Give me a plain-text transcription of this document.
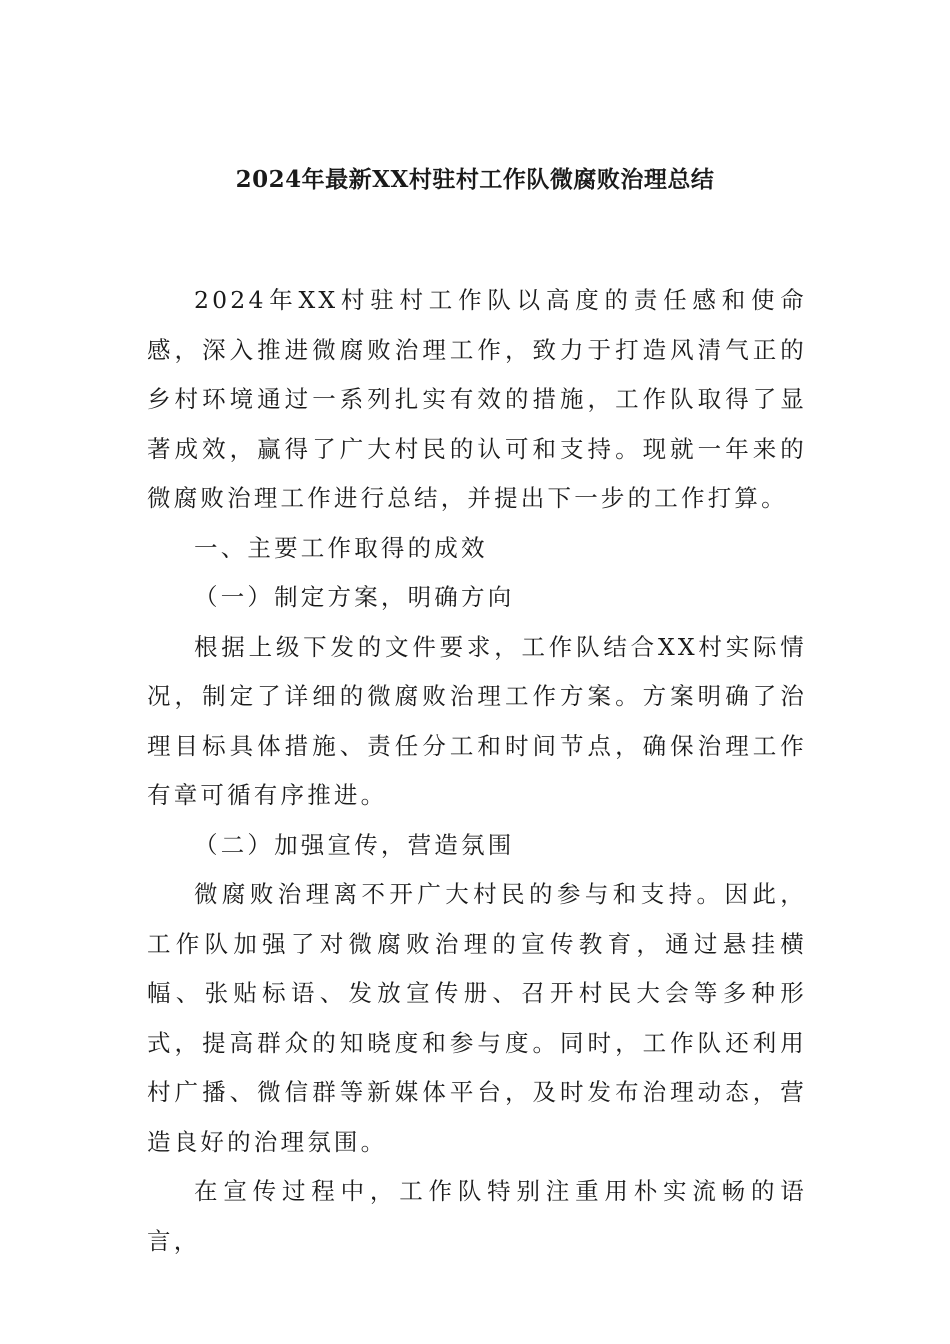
2024年最新XX村驻村工作队微腐败治理总结

2024年XX村驻村工作队以高度的责任感和使命感，深入推进微腐败治理工作，致力于打造风清气正的乡村环境通过一系列扎实有效的措施，工作队取得了显著成效，赢得了广大村民的认可和支持。现就一年来的微腐败治理工作进行总结，并提出下一步的工作打算。

一、主要工作取得的成效

（一）制定方案，明确方向

根据上级下发的文件要求，工作队结合XX村实际情况，制定了详细的微腐败治理工作方案。方案明确了治理目标具体措施、责任分工和时间节点，确保治理工作有章可循有序推进。

（二）加强宣传，营造氛围

微腐败治理离不开广大村民的参与和支持。因此，工作队加强了对微腐败治理的宣传教育，通过悬挂横幅、张贴标语、发放宣传册、召开村民大会等多种形式，提高群众的知晓度和参与度。同时，工作队还利用村广播、微信群等新媒体平台，及时发布治理动态，营造良好的治理氛围。

在宣传过程中，工作队特别注重用朴实流畅的语言，
